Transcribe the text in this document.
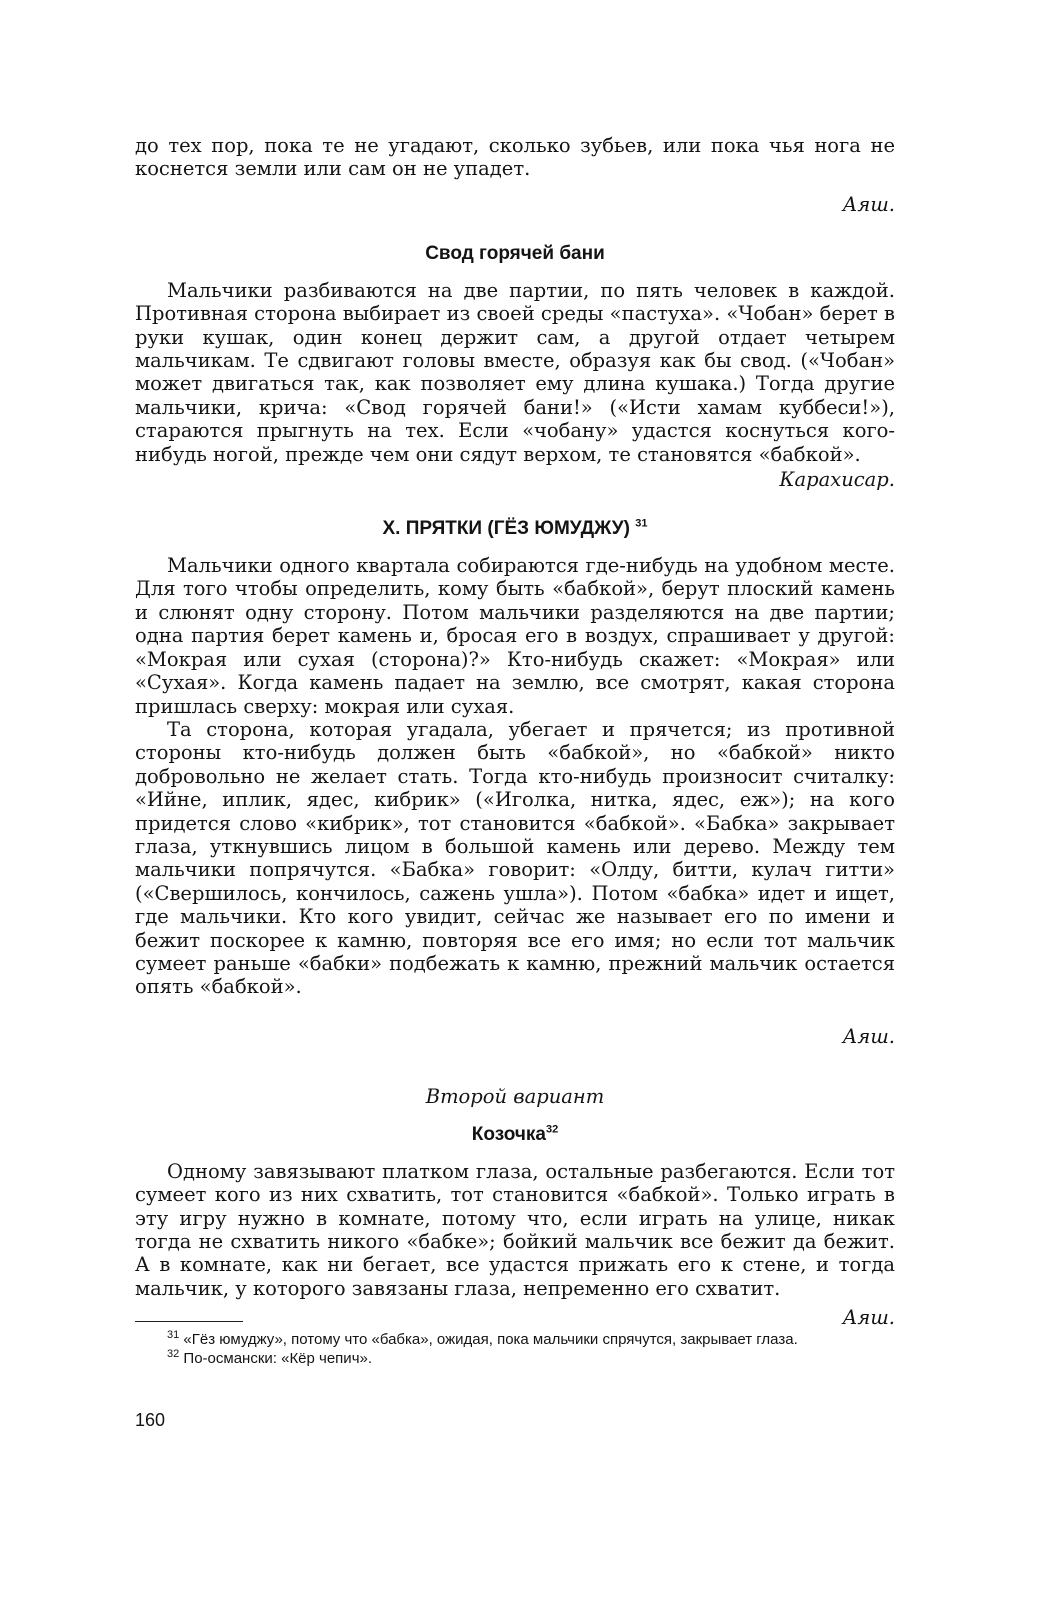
до тех пор, пока те не угадают, сколько зубьев, или пока чья нога не коснется земли или сам он не упадет.

Аяш.

Свод горячей бани

Мальчики разбиваются на две партии, по пять человек в каждой. Противная сторона выбирает из своей среды «пастуха». «Чобан» берет в руки кушак, один конец держит сам, а другой отдает четырем мальчикам. Те сдвигают головы вместе, образуя как бы свод. («Чобан» может двигаться так, как позволяет ему длина кушака.) Тогда другие мальчики, крича: «Свод горячей бани!» («Исти хамам куббеси!»), стараются прыгнуть на тех. Если «чобану» удастся коснуться кого-нибудь ногой, прежде чем они сядут верхом, те становятся «бабкой».

Карахисар.

X. ПРЯТКИ (ГЁЗ ЮМУДЖУ) $^{31}$

Мальчики одного квартала собираются где-нибудь на удобном месте. Для того чтобы определить, кому быть «бабкой», берут плоский камень и слюнят одну сторону. Потом мальчики разделяются на две партии; одна партия берет камень и, бросая его в воздух, спрашивает у другой: «Мокрая или сухая (сторона)?» Кто-нибудь скажет: «Мокрая» или «Сухая». Когда камень падает на землю, все смотрят, какая сторона пришлась сверху: мокрая или сухая.

Та сторона, которая угадала, убегает и прячется; из противной стороны кто-нибудь должен быть «бабкой», но «бабкой» никто добровольно не желает стать. Тогда кто-нибудь произносит считалку: «Ийне, иплик, ядес, кибрик» («Иголка, нитка, ядес, еж»); на кого придется слово «кибрик», тот становится «бабкой». «Бабка» закрывает глаза, уткнувшись лицом в большой камень или дерево. Между тем мальчики попрячутся. «Бабка» говорит: «Олду, битти, кулач гитти» («Свершилось, кончилось, сажень ушла»). Потом «бабка» идет и ищет, где мальчики. Кто кого увидит, сейчас же называет его по имени и бежит поскорее к камню, повторяя все его имя; но если тот мальчик сумеет раньше «бабки» подбежать к камню, прежний мальчик остается опять «бабкой».

Аяш.

Второй вариант

Козочка$^{32}$

Одному завязывают платком глаза, остальные разбегаются. Если тот сумеет кого из них схватить, тот становится «бабкой». Только играть в эту игру нужно в комнате, потому что, если играть на улице, никак тогда не схватить никого «бабке»; бойкий мальчик все бежит да бежит. А в комнате, как ни бегает, все удастся прижать его к стене, и тогда мальчик, у которого завязаны глаза, непременно его схватит.

Аяш.

$^{31}$ «Гёз юмуджу», потому что «бабка», ожидая, пока мальчики спрячутся, закрывает глаза.

$^{32}$ По-османски: «Кёр чепич».

160
